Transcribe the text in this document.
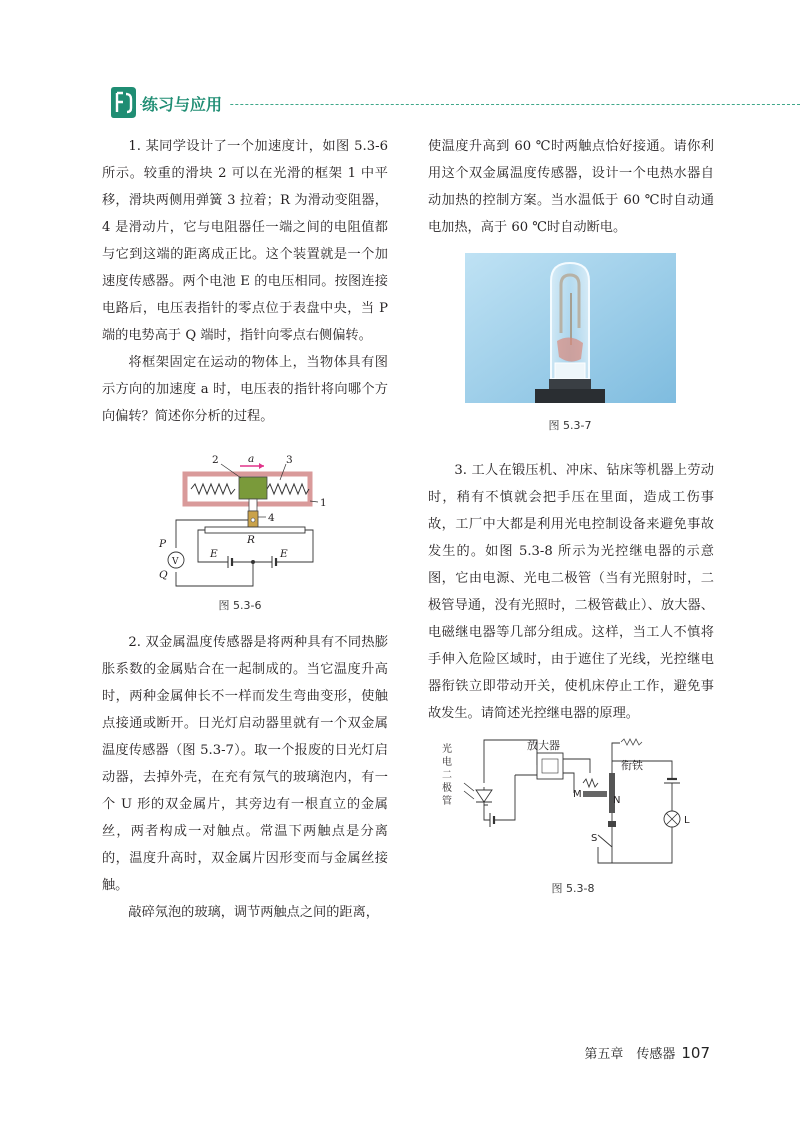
练习与应用

1. 某同学设计了一个加速度计，如图 5.3-6 所示。较重的滑块 2 可以在光滑的框架 1 中平移，滑块两侧用弹簧 3 拉着；R 为滑动变阻器，4 是滑动片，它与电阻器任一端之间的电阻值都与它到这端的距离成正比。这个装置就是一个加速度传感器。两个电池 E 的电压相同。按图连接电路后，电压表指针的零点位于表盘中央，当 P 端的电势高于 Q 端时，指针向零点右侧偏转。

将框架固定在运动的物体上，当物体具有图示方向的加速度 a 时，电压表的指针将向哪个方向偏转？简述你分析的过程。

2	a	3
1
4
R
P
V
Q
E	E
图 5.3-6

2. 双金属温度传感器是将两种具有不同热膨胀系数的金属贴合在一起制成的。当它温度升高时，两种金属伸长不一样而发生弯曲变形，使触点接通或断开。日光灯启动器里就有一个双金属温度传感器（图 5.3-7）。取一个报废的日光灯启动器，去掉外壳，在充有氖气的玻璃泡内，有一个 U 形的双金属片，其旁边有一根直立的金属丝，两者构成一对触点。常温下两触点是分离的，温度升高时，双金属片因形变而与金属丝接触。

敲碎氖泡的玻璃，调节两触点之间的距离，

使温度升高到 60 ℃时两触点恰好接通。请你利用这个双金属温度传感器，设计一个电热水器自动加热的控制方案。当水温低于 60 ℃时自动通电加热，高于 60 ℃时自动断电。

图 5.3-7

3. 工人在锻压机、冲床、钻床等机器上劳动时，稍有不慎就会把手压在里面，造成工伤事故，工厂中大都是利用光电控制设备来避免事故发生的。如图 5.3-8 所示为光控继电器的示意图，它由电源、光电二极管（当有光照射时，二极管导通，没有光照时，二极管截止）、放大器、电磁继电器等几部分组成。这样，当工人不慎将手伸入危险区域时，由于遮住了光线，光控继电器衔铁立即带动开关，使机床停止工作，避免事故发生。请简述光控继电器的原理。

放大器
M
衔铁
N
S
L
光电二极管
图 5.3-8
第五章　传感器 107
